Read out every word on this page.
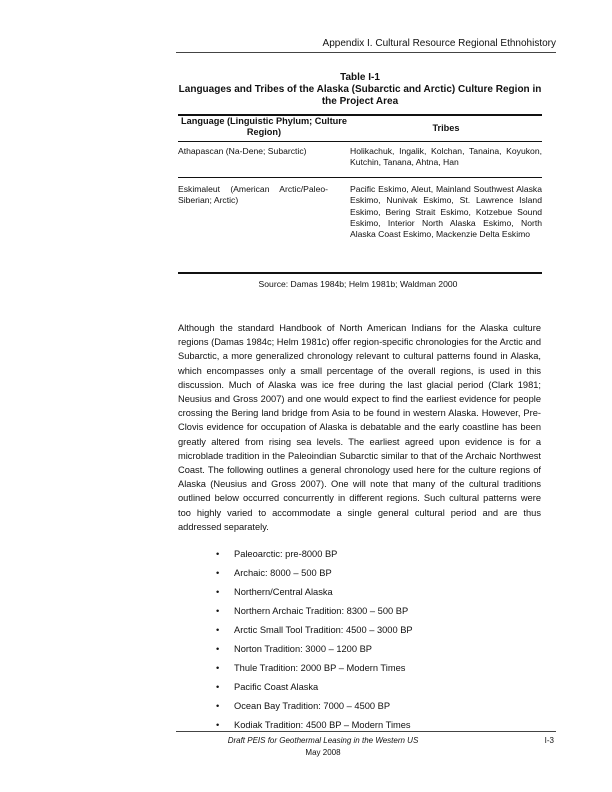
Appendix I. Cultural Resource Regional Ethnohistory
Table I-1
Languages and Tribes of the Alaska (Subarctic and Arctic) Culture Region in the Project Area
Language (Linguistic Phylum; Culture Region)	Tribes
Athapascan (Na-Dene; Subarctic)	Holikachuk, Ingalik, Kolchan, Tanaina, Koyukon, Kutchin, Tanana, Ahtna, Han
Eskimaleut (American Arctic/Paleo-Siberian; Arctic)	Pacific Eskimo, Aleut, Mainland Southwest Alaska Eskimo, Nunivak Eskimo, St. Lawrence Island Eskimo, Bering Strait Eskimo, Kotzebue Sound Eskimo, Interior North Alaska Eskimo, North Alaska Coast Eskimo, Mackenzie Delta Eskimo
Source: Damas 1984b; Helm 1981b; Waldman 2000
Although the standard Handbook of North American Indians for the Alaska culture regions (Damas 1984c; Helm 1981c) offer region-specific chronologies for the Arctic and Subarctic, a more generalized chronology relevant to cultural patterns found in Alaska, which encompasses only a small percentage of the overall regions, is used in this discussion. Much of Alaska was ice free during the last glacial period (Clark 1981; Neusius and Gross 2007) and one would expect to find the earliest evidence for people crossing the Bering land bridge from Asia to be found in western Alaska. However, Pre-Clovis evidence for occupation of Alaska is debatable and the early coastline has been greatly altered from rising sea levels. The earliest agreed upon evidence is for a microblade tradition in the Paleoindian Subarctic similar to that of the Archaic Northwest Coast. The following outlines a general chronology used here for the culture regions of Alaska (Neusius and Gross 2007). One will note that many of the cultural traditions outlined below occurred concurrently in different regions. Such cultural patterns were too highly varied to accommodate a single general cultural period and are thus addressed separately.
• Paleoarctic: pre-8000 BP
• Archaic: 8000 – 500 BP
• Northern/Central Alaska
• Northern Archaic Tradition: 8300 – 500 BP
• Arctic Small Tool Tradition: 4500 – 3000 BP
• Norton Tradition: 3000 – 1200 BP
• Thule Tradition: 2000 BP – Modern Times
• Pacific Coast Alaska
• Ocean Bay Tradition: 7000 – 4500 BP
• Kodiak Tradition: 4500 BP – Modern Times
Draft PEIS for Geothermal Leasing in the Western US
May 2008
I-3
